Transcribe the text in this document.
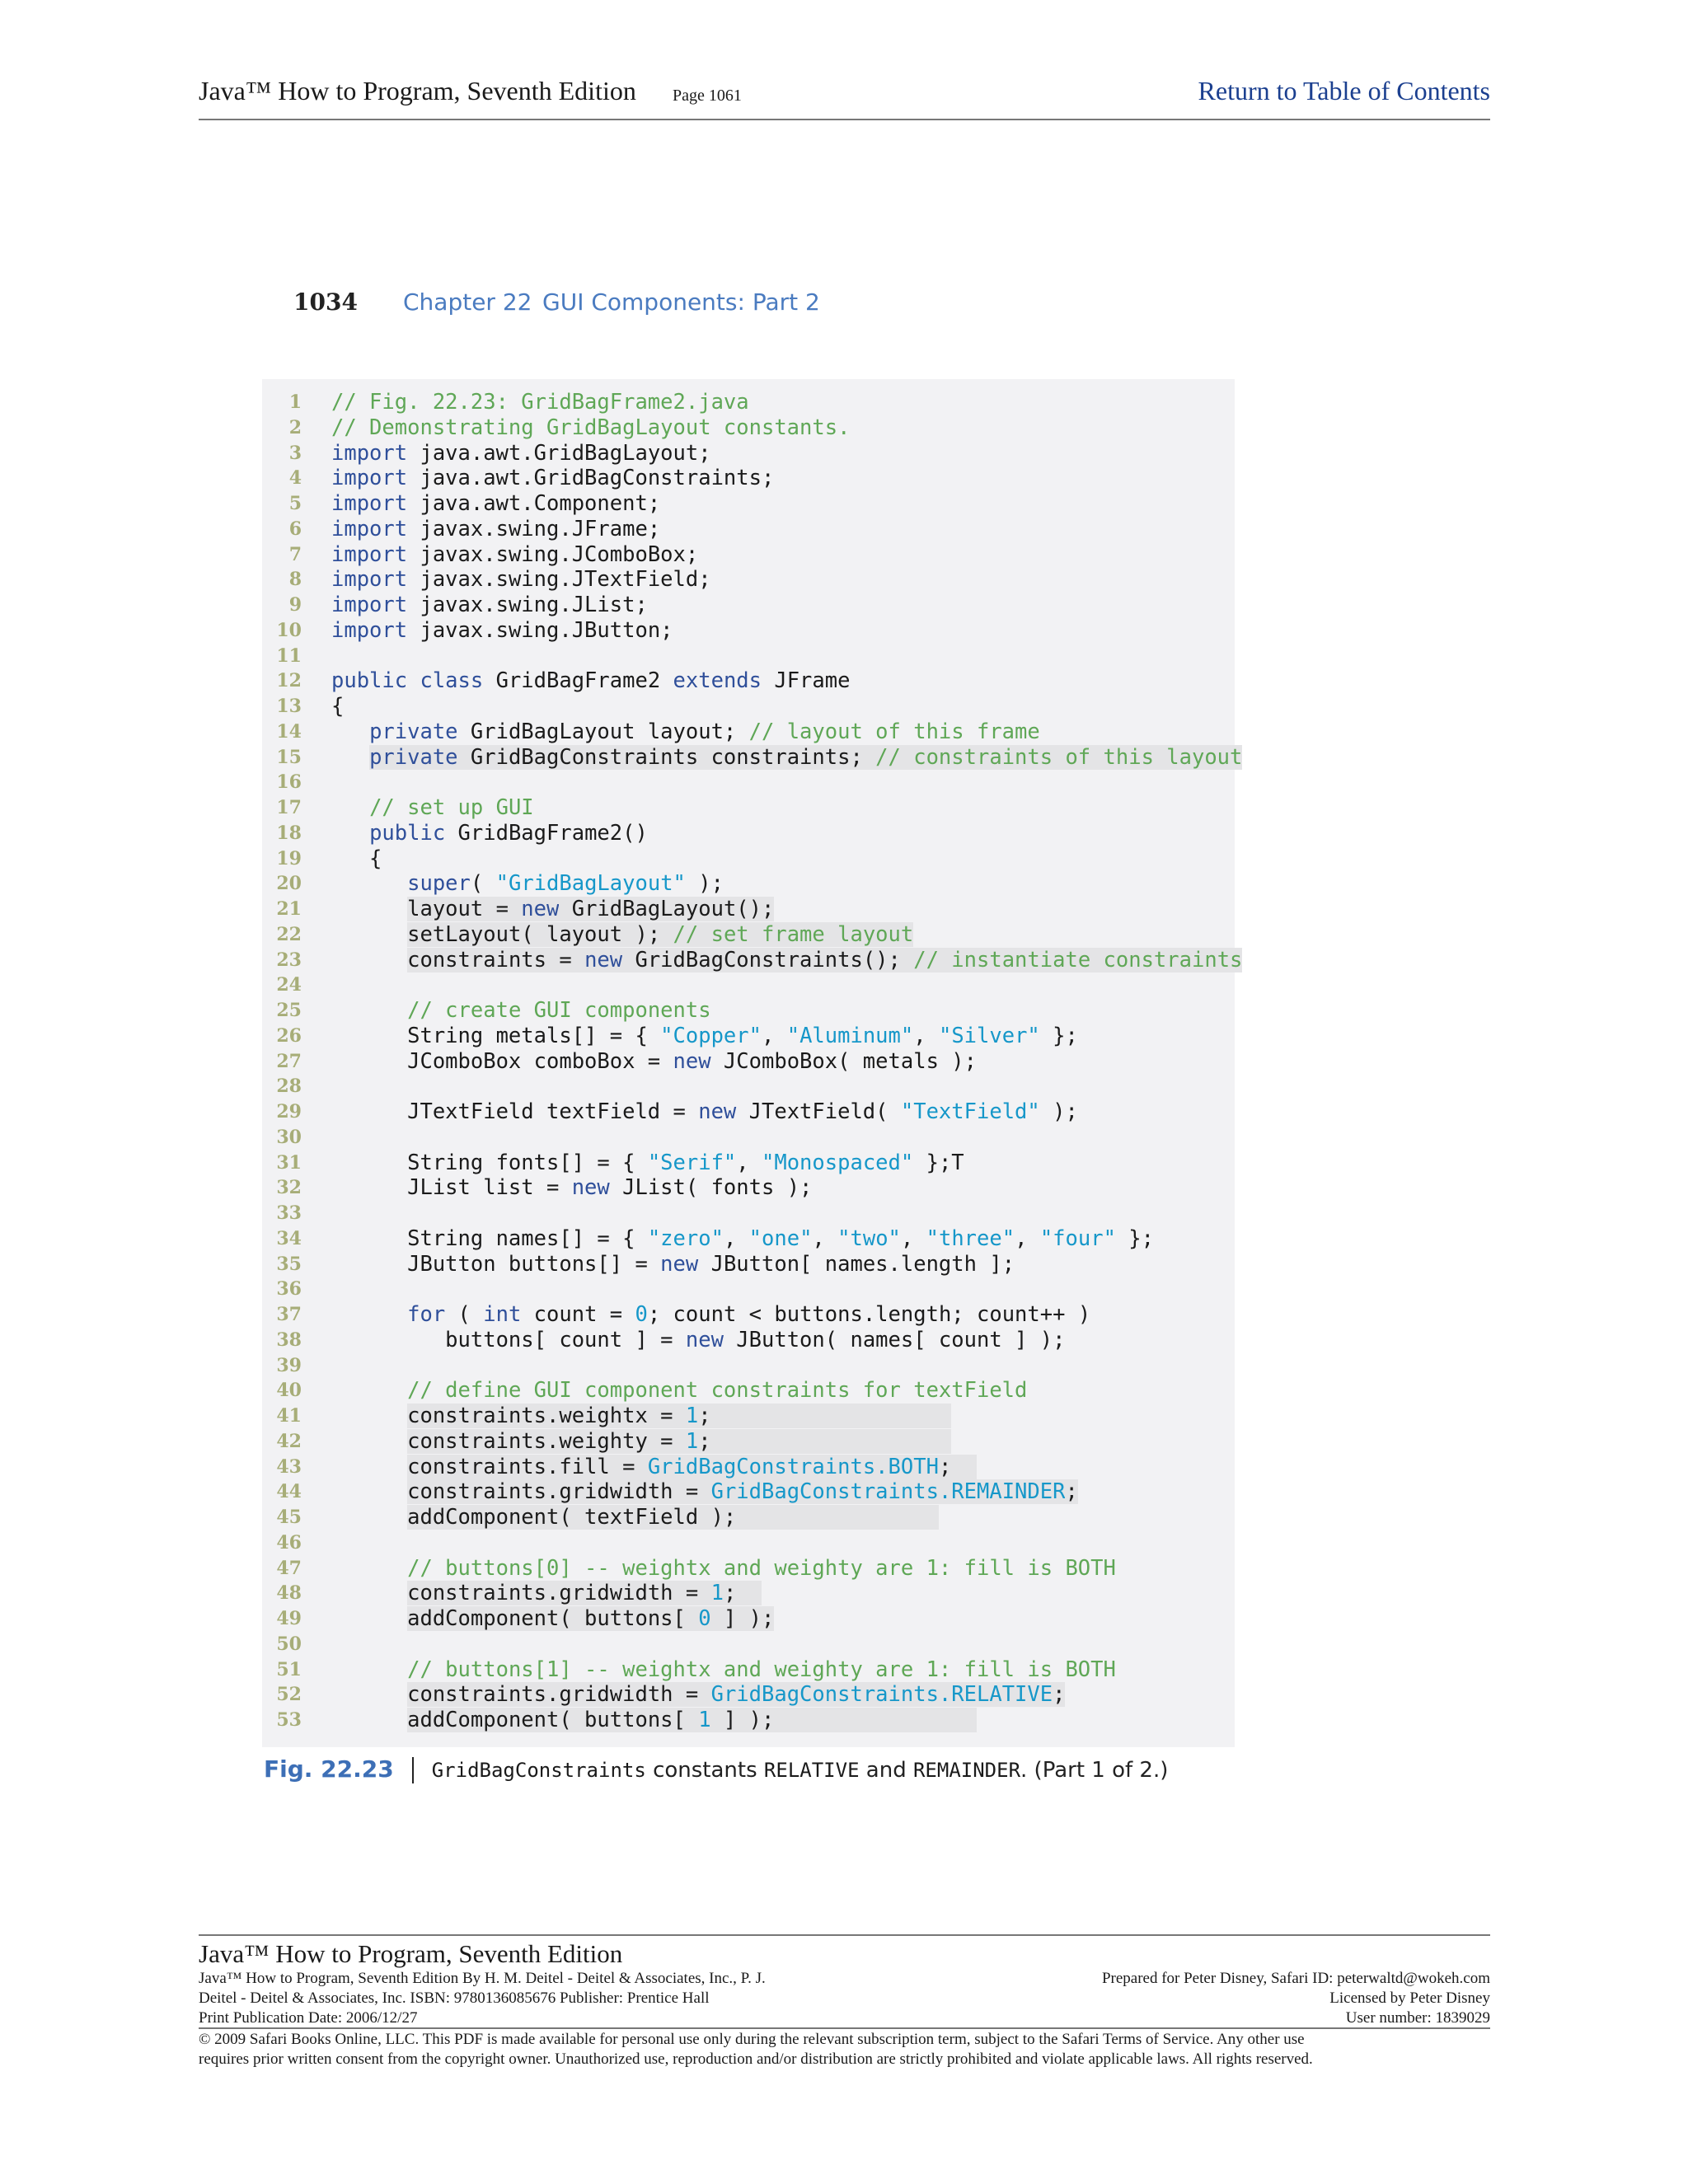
Java™ How to Program, Seventh Edition Page 1061	Return to Table of Contents
1034 Chapter 22 GUI Components: Part 2
1 // Fig. 22.23: GridBagFrame2.java
2 // Demonstrating GridBagLayout constants.
3 import java.awt.GridBagLayout;
4 import java.awt.GridBagConstraints;
5 import java.awt.Component;
6 import javax.swing.JFrame;
7 import javax.swing.JComboBox;
8 import javax.swing.JTextField;
9 import javax.swing.JList;
10 import javax.swing.JButton;
11
12 public class GridBagFrame2 extends JFrame
13 {
14	private GridBagLayout layout; // layout of this frame
15	private GridBagConstraints constraints; // constraints of this layout
16
17	// set up GUI
18	public GridBagFrame2()
19 {
20	super( "GridBagLayout" );
21	layout = new GridBagLayout();
22	setLayout( layout ); // set frame layout
23	constraints = new GridBagConstraints(); // instantiate constraints
24
25	// create GUI components
26 String metals[] = { "Copper", "Aluminum", "Silver" };
27 JComboBox comboBox = new JComboBox( metals );
28
29 JTextField textField = new JTextField( "TextField" );
30
31 String fonts[] = { "Serif", "Monospaced" };T
32 JList list = new JList( fonts );
33
34 String names[] = { "zero", "one", "two", "three", "four" };
35 JButton buttons[] = new JButton[ names.length ];
36
37	for ( int count = 0; count < buttons.length; count++ )
38 buttons[ count ] = new JButton( names[ count ] );
39
40	// define GUI component constraints for textField
41	constraints.weightx = 1;
42	constraints.weighty = 1;
43	constraints.fill = GridBagConstraints.BOTH;
44	constraints.gridwidth = GridBagConstraints.REMAINDER;
45	addComponent( textField );
46
47	// buttons[0] -- weightx and weighty are 1: fill is BOTH
48	constraints.gridwidth = 1;
49	addComponent( buttons[ 0 ] );
50
51	// buttons[1] -- weightx and weighty are 1: fill is BOTH
52	constraints.gridwidth = GridBagConstraints.RELATIVE;
53	addComponent( buttons[ 1 ] );
Fig. 22.23 GridBagConstraints constants RELATIVE and REMAINDER. (Part 1 of 2.)
Java™ How to Program, Seventh Edition
Java™ How to Program, Seventh Edition By H. M. Deitel - Deitel & Associates, Inc., P. J.
Deitel - Deitel & Associates, Inc. ISBN: 9780136085676 Publisher: Prentice Hall
Print Publication Date: 2006/12/27
Prepared for Peter Disney, Safari ID: peterwaltd@wokeh.com
Licensed by Peter Disney
User number: 1839029
© 2009 Safari Books Online, LLC. This PDF is made available for personal use only during the relevant subscription term, subject to the Safari Terms of Service. Any other use
requires prior written consent from the copyright owner. Unauthorized use, reproduction and/or distribution are strictly prohibited and violate applicable laws. All rights reserved.
